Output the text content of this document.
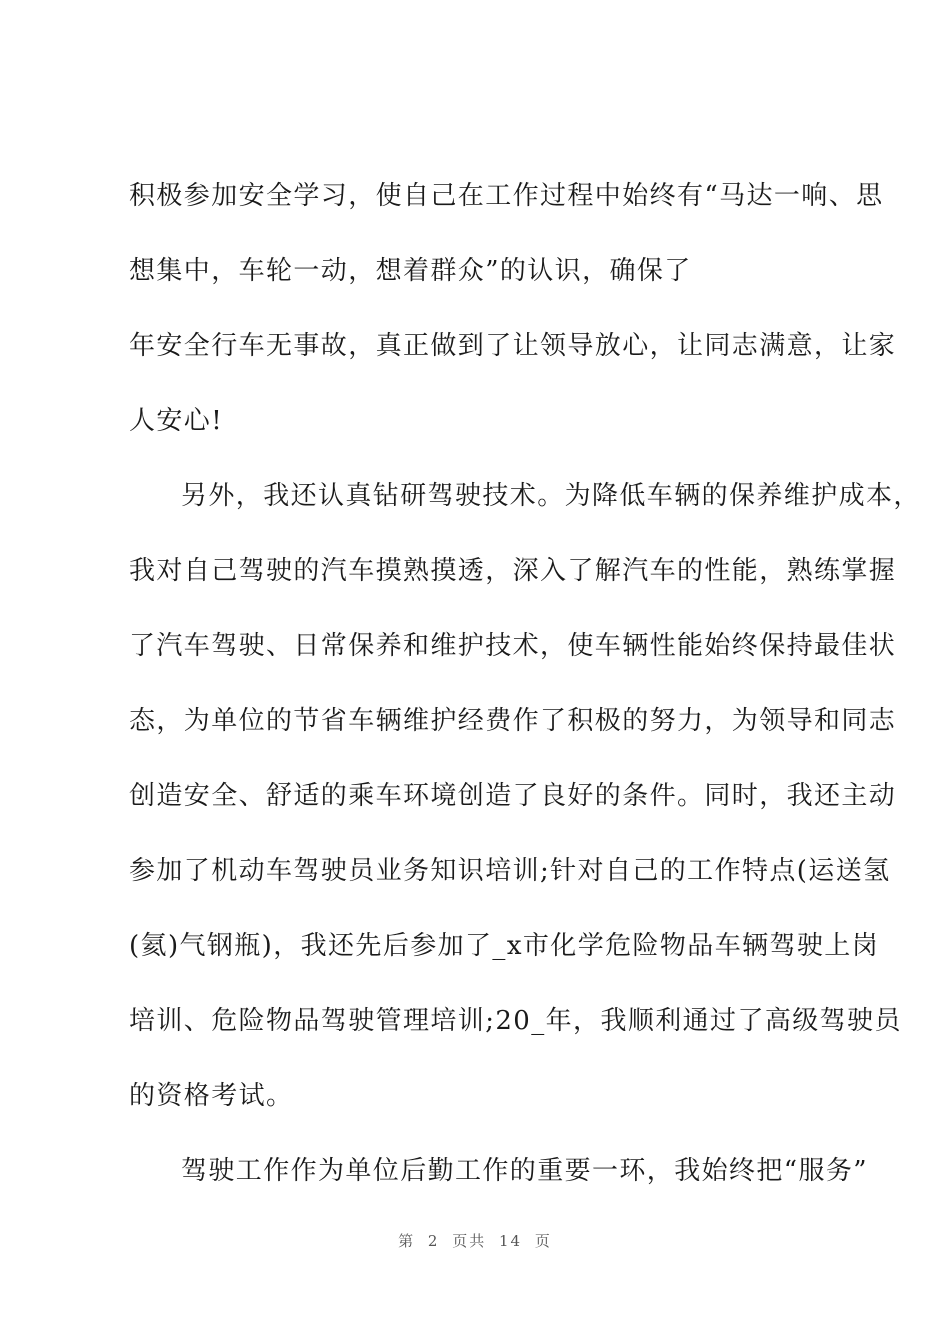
积极参加安全学习，使自己在工作过程中始终有“马达一响、思
想集中，车轮一动，想着群众”的认识，确保了
年安全行车无事故，真正做到了让领导放心，让同志满意，让家
人安心!
另外，我还认真钻研驾驶技术。为降低车辆的保养维护成本，
我对自己驾驶的汽车摸熟摸透，深入了解汽车的性能，熟练掌握
了汽车驾驶、日常保养和维护技术，使车辆性能始终保持最佳状
态，为单位的节省车辆维护经费作了积极的努力，为领导和同志
创造安全、舒适的乘车环境创造了良好的条件。同时，我还主动
参加了机动车驾驶员业务知识培训;针对自己的工作特点(运送氢
(氦)气钢瓶)，我还先后参加了_x市化学危险物品车辆驾驶上岗
培训、危险物品驾驶管理培训;20_年，我顺利通过了高级驾驶员
的资格考试。
驾驶工作作为单位后勤工作的重要一环，我始终把“服务”
第 2 页共 14 页
